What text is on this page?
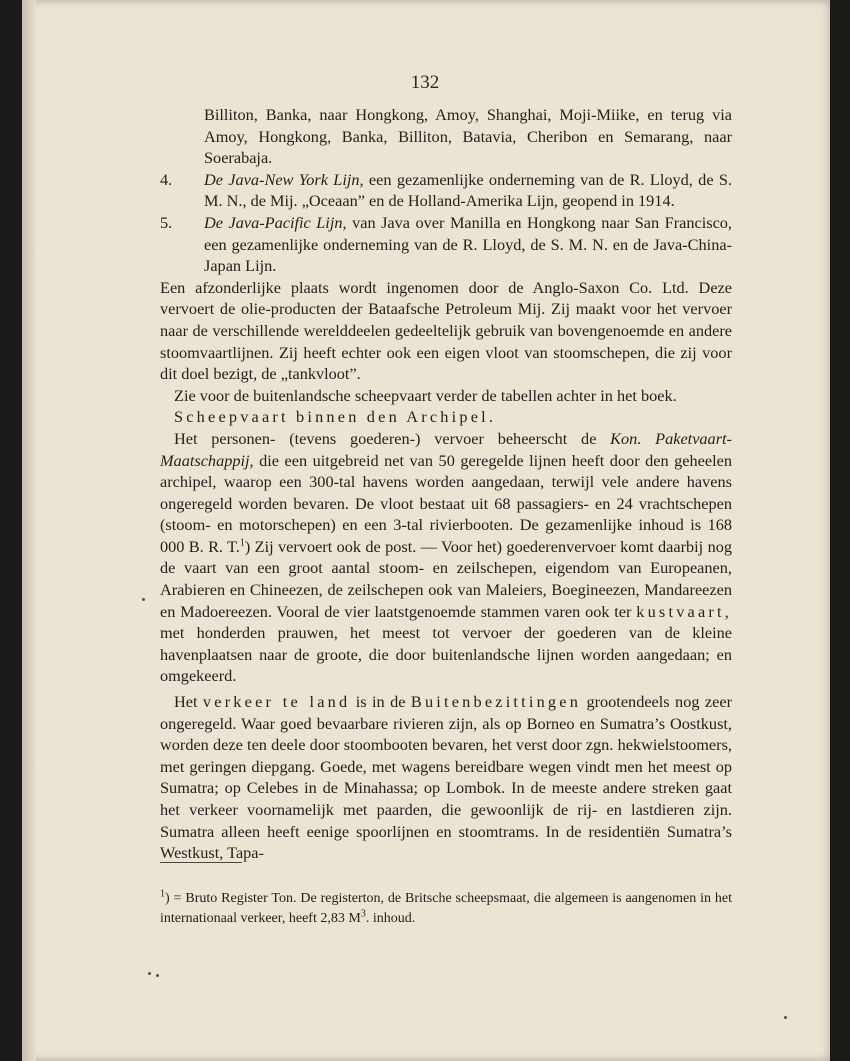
132

Billiton, Banka, naar Hongkong, Amoy, Shanghai, Moji-Miike, en terug via Amoy, Hongkong, Banka, Billiton, Batavia, Cheribon en Semarang, naar Soerabaja.

4. De Java-New York Lijn, een gezamenlijke onderneming van de R. Lloyd, de S. M. N., de Mij. „Oceaan” en de Holland-Amerika Lijn, geopend in 1914.

5. De Java-Pacific Lijn, van Java over Manilla en Hongkong naar San Francisco, een gezamenlijke onderneming van de R. Lloyd, de S. M. N. en de Java-China-Japan Lijn.

Een afzonderlijke plaats wordt ingenomen door de Anglo-Saxon Co. Ltd. Deze vervoert de olie-producten der Bataafsche Petroleum Mij. Zij maakt voor het vervoer naar de verschillende werelddeelen gedeeltelijk gebruik van bovengenoemde en andere stoomvaartlijnen. Zij heeft echter ook een eigen vloot van stoomschepen, die zij voor dit doel bezigt, de „tankvloot”.

Zie voor de buitenlandsche scheepvaart verder de tabellen achter in het boek.

Scheepvaart binnen den Archipel.

Het personen- (tevens goederen-) vervoer beheerscht de Kon. Paketvaart-Maatschappij, die een uitgebreid net van 50 geregelde lijnen heeft door den geheelen archipel, waarop een 300-tal havens worden aangedaan, terwijl vele andere havens ongeregeld worden bevaren. De vloot bestaat uit 68 passagiers- en 24 vrachtschepen (stoom- en motorschepen) en een 3-tal rivierbooten. De gezamenlijke inhoud is 168 000 B. R. T.$^1$) Zij vervoert ook de post. — Voor het) goederenvervoer komt daarbij nog de vaart van een groot aantal stoom- en zeilschepen, eigendom van Europeanen, Arabieren en Chineezen, de zeilschepen ook van Maleiers, Boegineezen, Mandareezen en Madoereezen. Vooral de vier laatstgenoemde stammen varen ook ter kustvaart, met honderden prauwen, het meest tot vervoer der goederen van de kleine havenplaatsen naar de groote, die door buitenlandsche lijnen worden aangedaan; en omgekeerd.

Het verkeer te land is in de Buitenbezittingen grootendeels nog zeer ongeregeld. Waar goed bevaarbare rivieren zijn, als op Borneo en Sumatra’s Oostkust, worden deze ten deele door stoombooten bevaren, het verst door zgn. hekwielstoomers, met geringen diepgang. Goede, met wagens bereidbare wegen vindt men het meest op Sumatra; op Celebes in de Minahassa; op Lombok. In de meeste andere streken gaat het verkeer voornamelijk met paarden, die gewoonlijk de rij- en lastdieren zijn. Sumatra alleen heeft eenige spoorlijnen en stoomtrams. In de residentiën Sumatra’s Westkust, Tapa-

$^1$) = Bruto Register Ton. De registerton, de Britsche scheepsmaat, die algemeen is aangenomen in het internationaal verkeer, heeft 2,83 $M^3$. inhoud.
